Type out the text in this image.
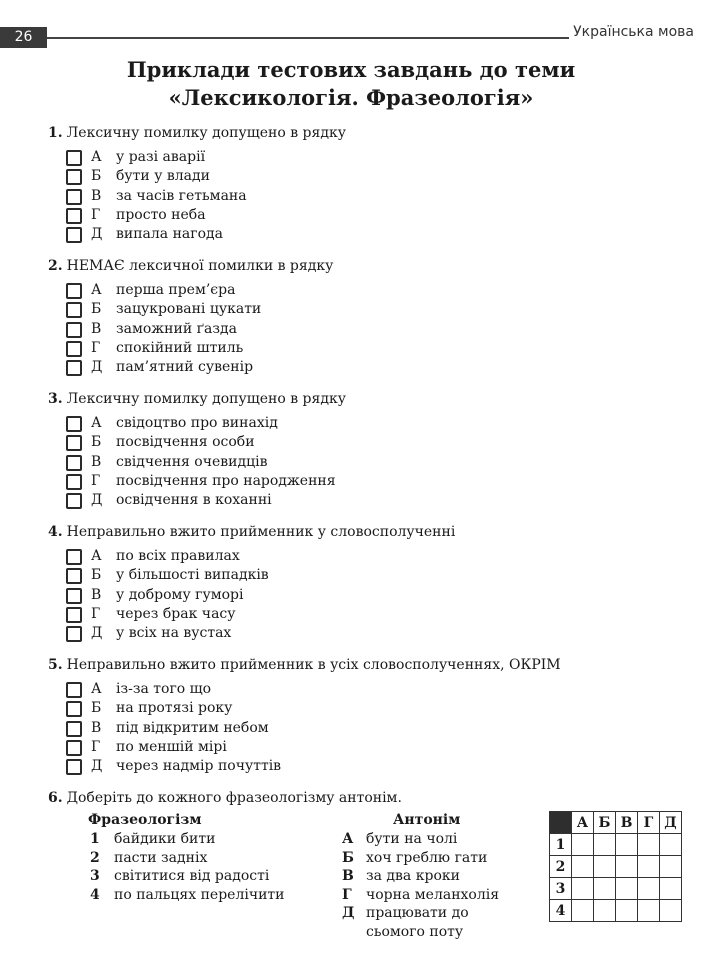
26	Українська мова
Приклади тестових завдань до теми
«Лексикологія. Фразеологія»
1. Лексичну помилку допущено в рядку
А у разі аварії
Б бути у влади
В за часів гетьмана
Г просто неба
Д випала нагода
2. НЕМАЄ лексичної помилки в рядку
А перша прем’єра
Б зацукровані цукати
В заможний ґазда
Г спокійний штиль
Д пам’ятний сувенір
3. Лексичну помилку допущено в рядку
А свідоцтво про винахід
Б посвідчення особи
В свідчення очевидців
Г посвідчення про народження
Д освідчення в коханні
4. Неправильно вжито прийменник у словосполученні
А по всіх правилах
Б у більшості випадків
В у доброму гуморі
Г через брак часу
Д у всіх на вустах
5. Неправильно вжито прийменник в усіх словосполученнях, ОКРІМ
А із-за того що
Б на протязі року
В під відкритим небом
Г по меншій мірі
Д через надмір почуттів
6. Доберіть до кожного фразеологізму антонім.
Фразеологізм	Антонім
1 байдики бити
2 пасти задніх
3 світитися від радості
4 по пальцях перелічити
А бути на чолі
Б хоч греблю гати
В за два кроки
Г чорна меланхолія
Д працювати до
сьомого поту
	А	Б	В	Г	Д
1					
2					
3					
4					
